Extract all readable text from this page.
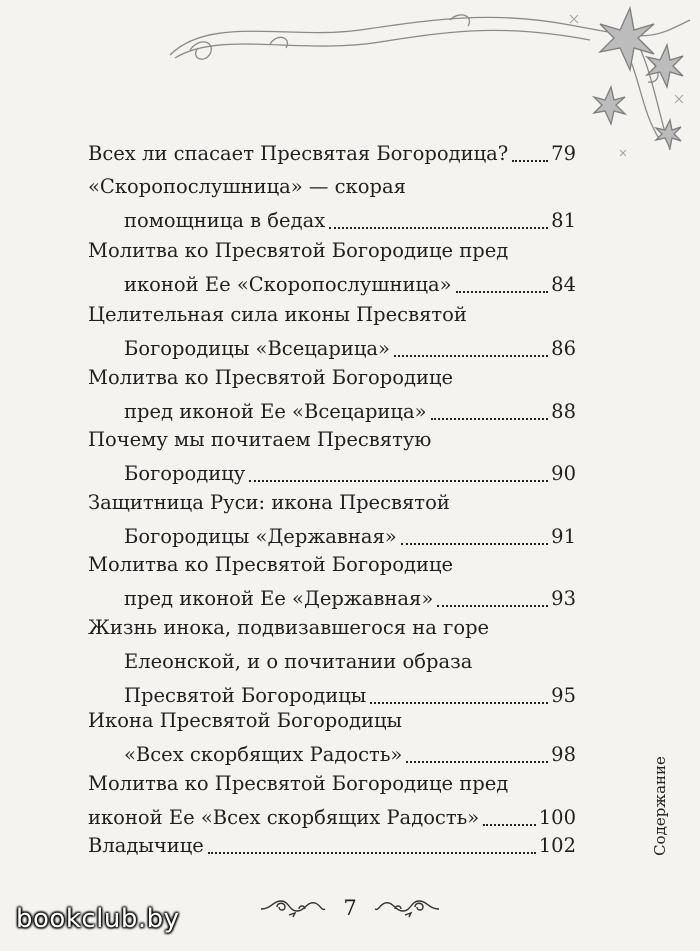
Всех ли спасает Пресвятая Богородица? 79
«Скоропослушница» — скорая
помощница в бедах	81
Молитва ко Пресвятой Богородице пред
иконой Ее «Скоропослушница»	84
Целительная сила иконы Пресвятой
Богородицы «Всецарица»	86
Молитва ко Пресвятой Богородице
пред иконой Ее «Всецарица»	88
Почему мы почитаем Пресвятую
Богородицу	90
Защитница Руси: икона Пресвятой
Богородицы «Державная»	91
Молитва ко Пресвятой Богородице
пред иконой Ее «Державная»	93
Жизнь инока, подвизавшегося на горе
Елеонской, и о почитании образа
Пресвятой Богородицы	95
Икона Пресвятой Богородицы
«Всех скорбящих Радость»	98
Молитва ко Пресвятой Богородице пред
иконой Ее «Всех скорбящих Радость»	100
Владычице	102	Содержание
7
bookclub.by
